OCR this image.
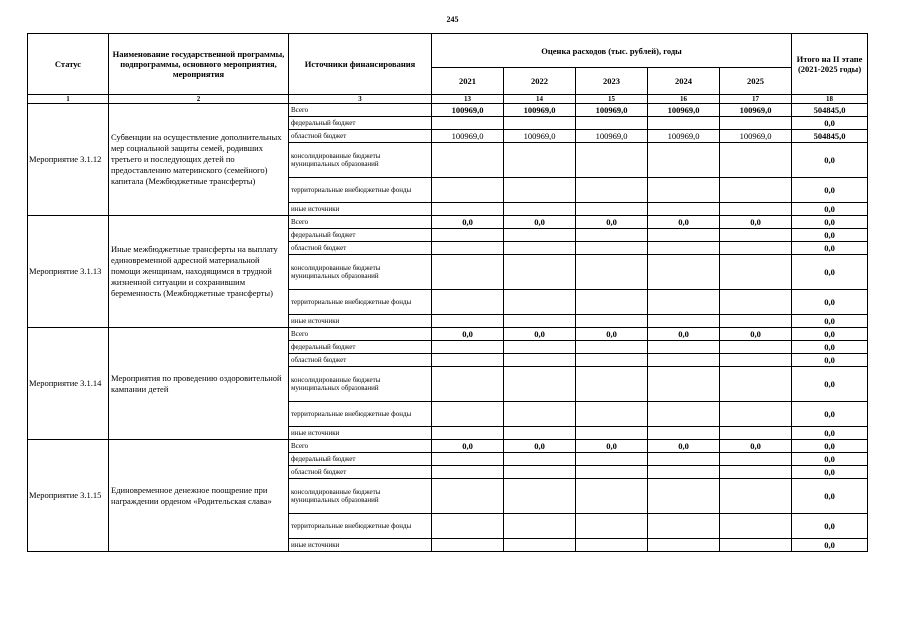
245
Статус	Наименование государственной программы, подпрограммы, основного мероприятия, мероприятия	Источники финансирования	Оценка расходов (тыс. рублей), годы					Итого на II этапе (2021-2025 годы)
			2021	2022	2023	2024	2025	
1	2	3	13	14	15	16	17	18
Мероприятие 3.1.12	Субвенции на осуществление дополнительных мер социальной защиты семей, родивших третьего и последующих детей по предоставлению материнского (семейного) капитала (Межбюджетные трансферты)	Всего	100969,0	100969,0	100969,0	100969,0	100969,0	504845,0
		федеральный бюджет						0,0
		областной бюджет	100969,0	100969,0	100969,0	100969,0	100969,0	504845,0
		консолидированные бюджеты муниципальных образований						0,0
		территориальные внебюджетные фонды						0,0
		иные источники						0,0
Мероприятие 3.1.13	Иные межбюджетные трансферты на выплату единовременной адресной материальной помощи женщинам, находящимся в трудной жизненной ситуации и сохранившим беременность (Межбюджетные трансферты)	Всего	0,0	0,0	0,0	0,0	0,0	0,0
		федеральный бюджет						0,0
		областной бюджет						0,0
		консолидированные бюджеты муниципальных образований						0,0
		территориальные внебюджетные фонды						0,0
		иные источники						0,0
Мероприятие 3.1.14	Мероприятия по проведению оздоровительной кампании детей	Всего	0,0	0,0	0,0	0,0	0,0	0,0
		федеральный бюджет						0,0
		областной бюджет						0,0
		консолидированные бюджеты муниципальных образований						0,0
		территориальные внебюджетные фонды						0,0
		иные источники						0,0
Мероприятие 3.1.15	Единовременное денежное поощрение при награждении орденом «Родительская слава»	Всего	0,0	0,0	0,0	0,0	0,0	0,0
		федеральный бюджет						0,0
		областной бюджет						0,0
		консолидированные бюджеты муниципальных образований						0,0
		территориальные внебюджетные фонды						0,0
		иные источники						0,0
